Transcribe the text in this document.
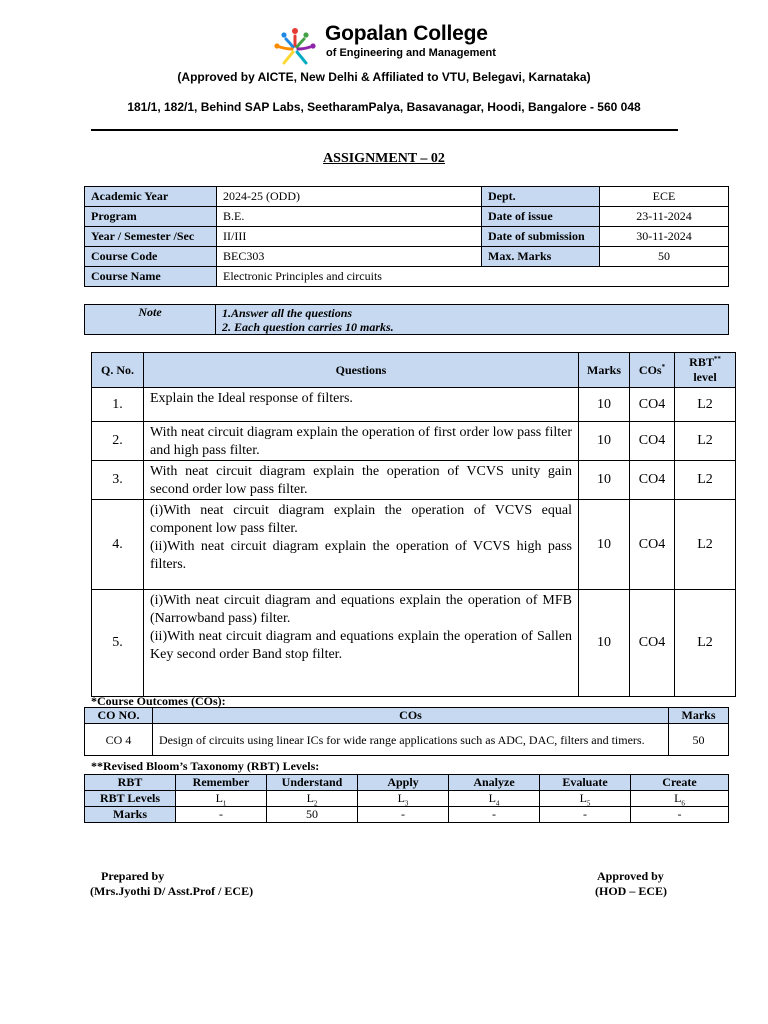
Gopalan College
of Engineering and Management
(Approved by AICTE, New Delhi & Affiliated to VTU, Belegavi, Karnataka)
181/1, 182/1, Behind SAP Labs, SeetharamPalya, Basavanagar, Hoodi, Bangalore - 560 048
ASSIGNMENT – 02
Academic Year	2024-25 (ODD)	Dept.	ECE
Program	B.E.	Date of issue	23-11-2024
Year / Semester /Sec	II/III	Date of submission	30-11-2024
Course Code	BEC303	Max. Marks	50
Course Name	Electronic Principles and circuits		
Note	1.Answer all the questions
2. Each question carries 10 marks.
Q. No.	Questions	Marks	COs*	RBT**
level
1.	Explain the Ideal response of filters.	10	CO4	L2
2.	With neat circuit diagram explain the operation of first order low pass filter and high pass filter.	10	CO4	L2
3.	With neat circuit diagram explain the operation of VCVS unity gain second order low pass filter.	10	CO4	L2
4.	(i)With neat circuit diagram explain the operation of VCVS equal component low pass filter.
(ii)With neat circuit diagram explain the operation of VCVS high pass filters.	10	CO4	L2
5.	(i)With neat circuit diagram and equations explain the operation of MFB (Narrowband pass) filter.
(ii)With neat circuit diagram and equations explain the operation of Sallen Key second order Band stop filter.	10	CO4	L2
*Course Outcomes (COs):
CO NO.	COs	Marks
CO 4	Design of circuits using linear ICs for wide range applications such as ADC, DAC, filters and timers.	50
**Revised Bloom’s Taxonomy (RBT) Levels:
RBT	Remember	Understand	Apply	Analyze	Evaluate	Create
RBT Levels	$L_1$	$L_2$	$L_3$	$L_4$	$L_5$	$L_6$
Marks	-	50	-	-	-	-
Prepared by
(Mrs.Jyothi D/ Asst.Prof / ECE)
Approved by
(HOD – ECE)
